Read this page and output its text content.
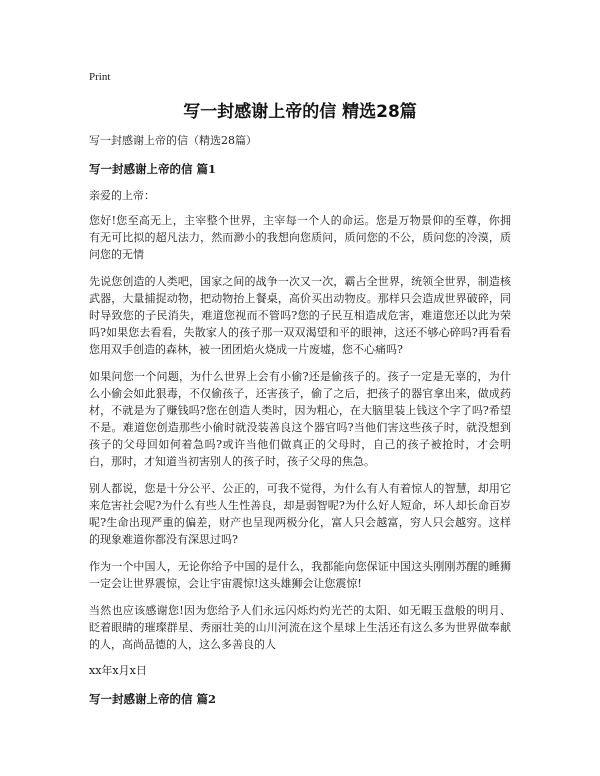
Print
写一封感谢上帝的信 精选28篇
写一封感谢上帝的信（精选28篇）
写一封感谢上帝的信 篇1
亲爱的上帝：
您好!您至高无上，主宰整个世界，主宰每一个人的命运。您是万物景仰的至尊，你拥有无可比拟的超凡法力，然而渺小的我想向您质问，质问您的不公，质问您的冷漠，质问您的无情
先说您创造的人类吧，国家之间的战争一次又一次，霸占全世界，统领全世界，制造核武器，大量捕捉动物，把动物抬上餐桌，高价买出动物皮。那样只会造成世界破碎，同时导致您的子民消失，难道您视而不管吗?您的子民互相造成危害，难道您还以此为荣吗?如果您去看看，失散家人的孩子那一双双渴望和平的眼神，这还不够心碎吗?再看看您用双手创造的森林，被一团团焰火烧成一片废墟，您不心痛吗?
如果问您一个问题，为什么世界上会有小偷?还是偷孩子的。孩子一定是无辜的，为什么小偷会如此狠毒，不仅偷孩子，还害孩子，偷了之后，把孩子的器官拿出来，做成药材，不就是为了赚钱吗?您在创造人类时，因为粗心，在大脑里装上钱这个字了吗?希望不是。难道您创造那些小偷时就没装善良这个器官吗?当他们害这些孩子时，就没想到孩子的父母回如何着急吗?或许当他们做真正的父母时，自己的孩子被抢时，才会明白，那时，才知道当初害别人的孩子时，孩子父母的焦急。
别人都说，您是十分公平、公正的，可我不觉得，为什么有人有着惊人的智慧，却用它来危害社会呢?为什么有些人生性善良，却是弱智呢?为什么好人短命，坏人却长命百岁呢?生命出现严重的偏差，财产也呈现两极分化，富人只会越富，穷人只会越穷。这样的现象难道你都没有深思过吗?
作为一个中国人，无论你给予中国的是什么，我都能向您保证中国这头刚刚苏醒的睡狮一定会让世界震惊，会让宇宙震惊!这头雄狮会让您震惊!
当然也应该感谢您!因为您给予人们永远闪烁灼灼光芒的太阳、如无暇玉盘般的明月、眨着眼睛的璀璨群星、秀丽壮美的山川河流在这个星球上生活还有这么多为世界做奉献的人，高尚品德的人，这么多善良的人
xx年x月x日
写一封感谢上帝的信 篇2
